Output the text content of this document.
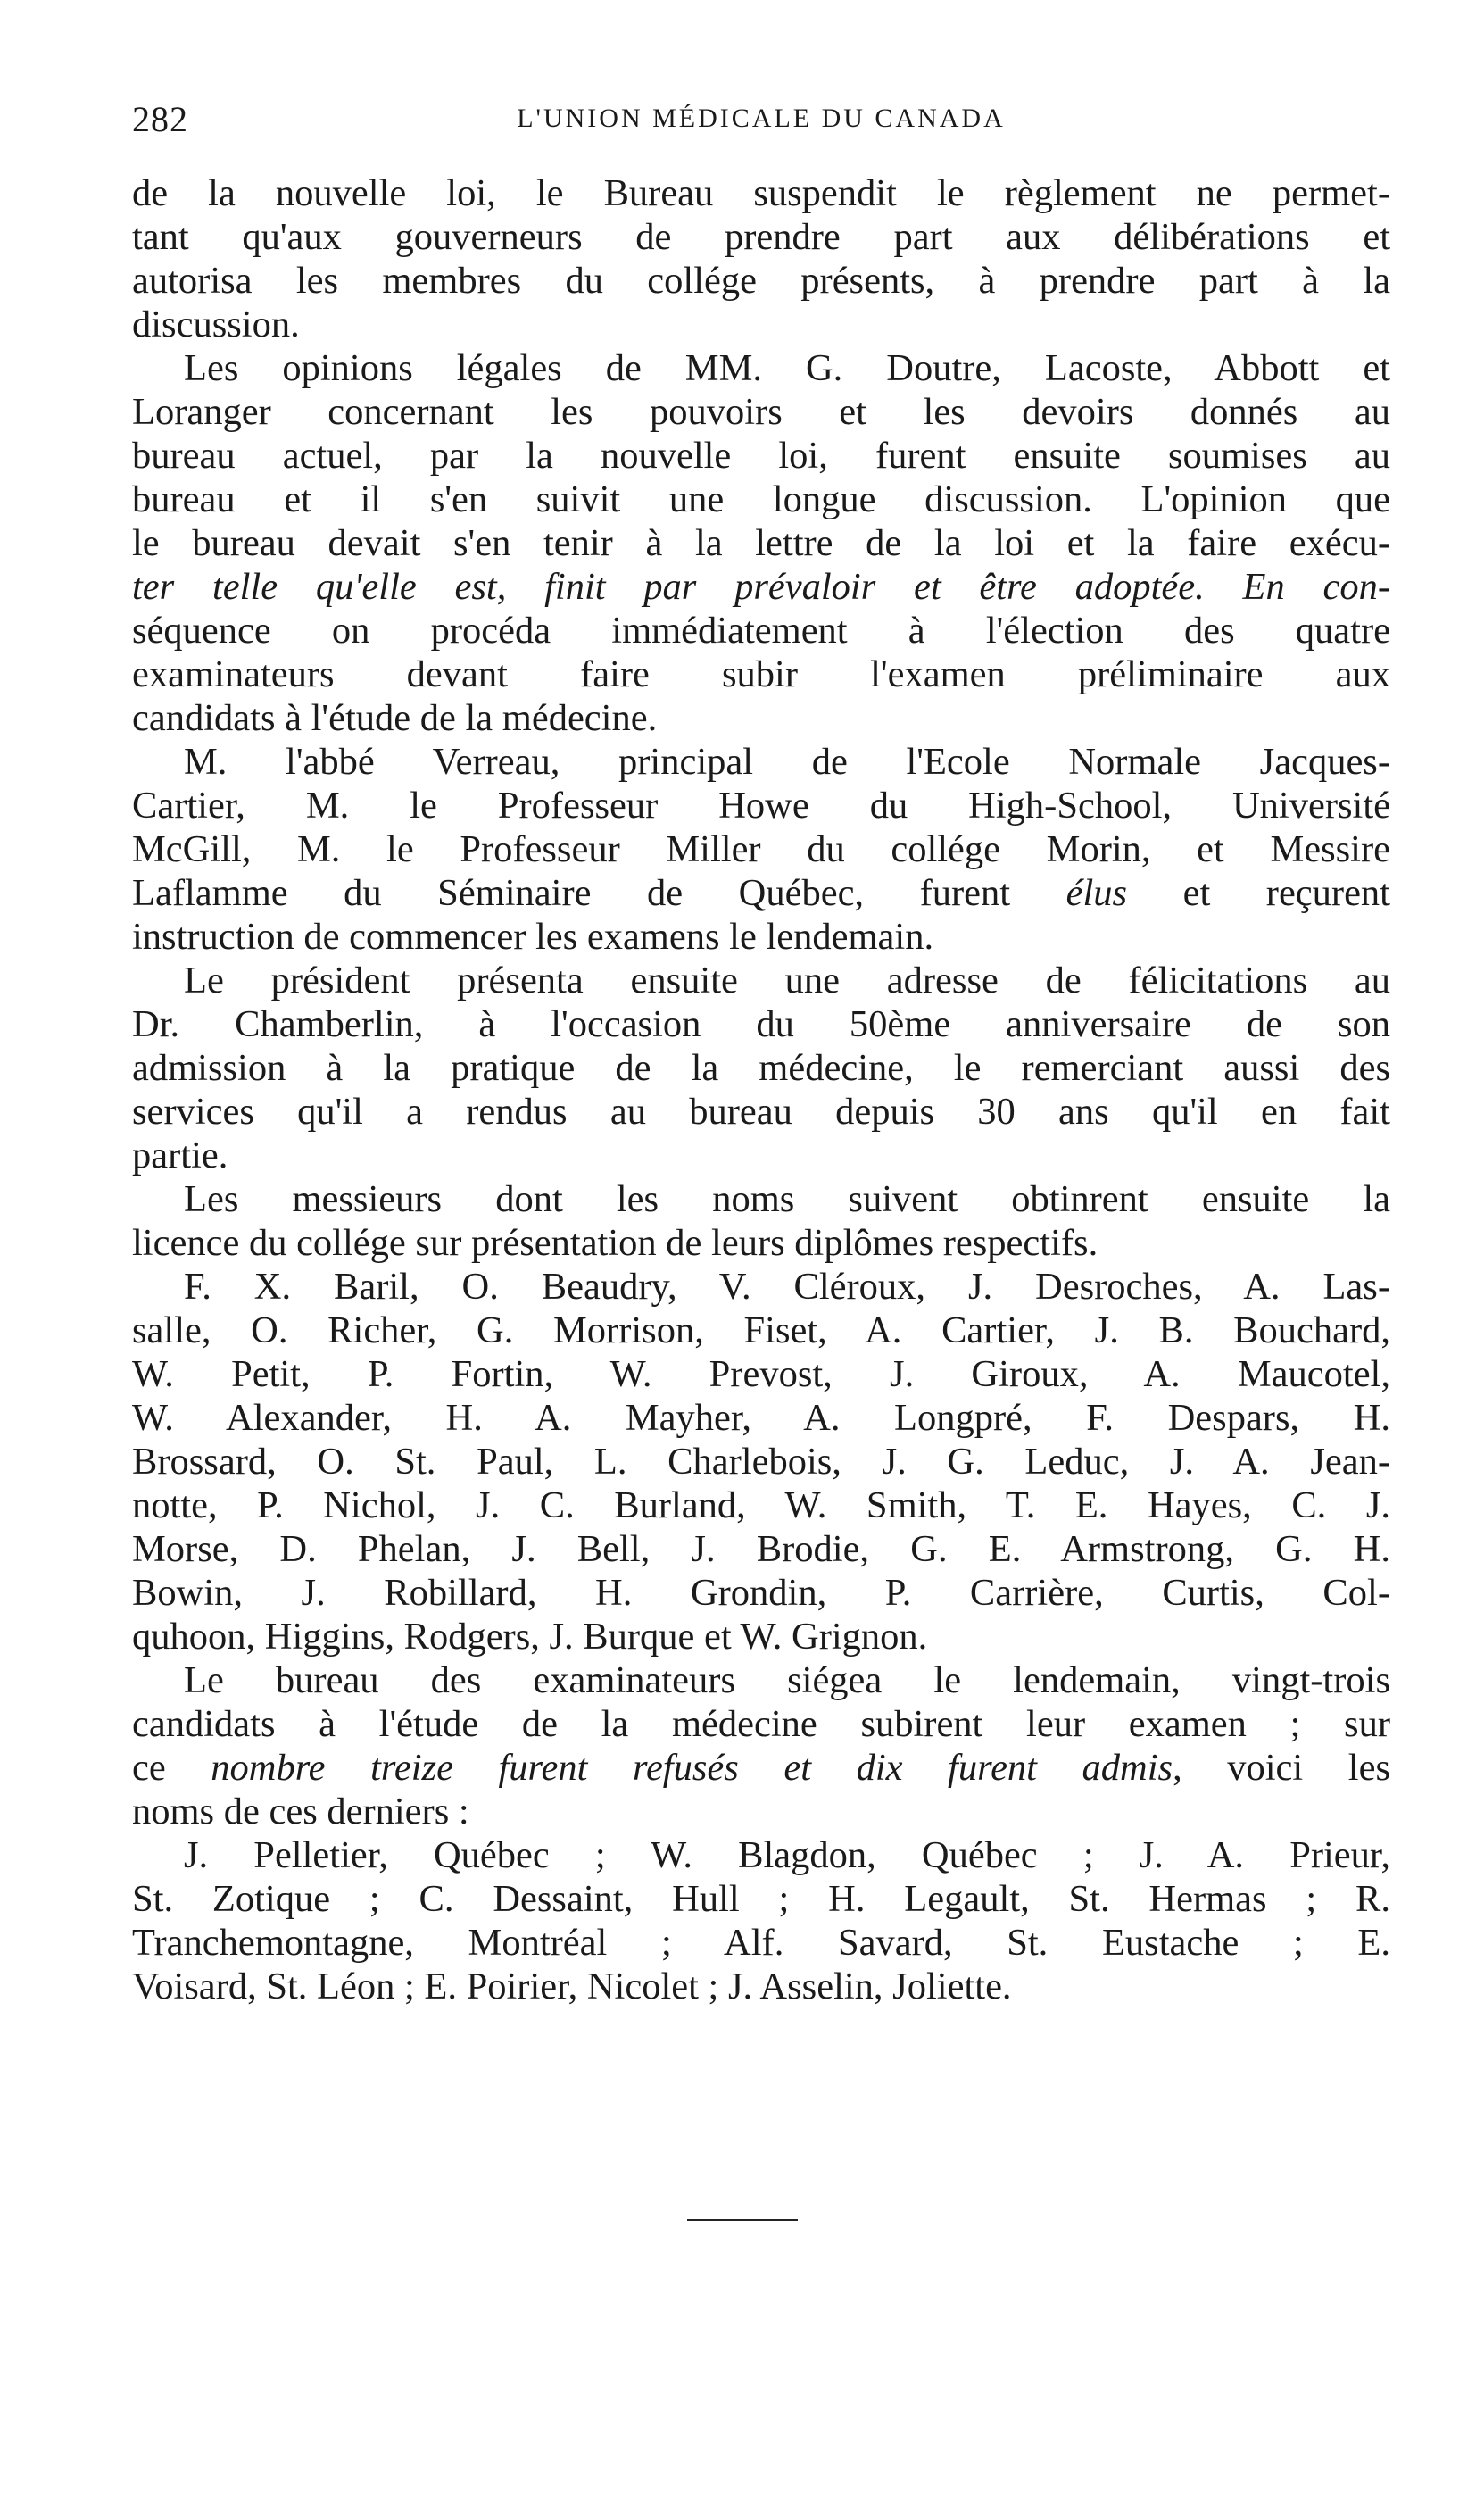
282	L'UNION MÉDICALE DU CANADA
de la nouvelle loi, le Bureau suspendit le règlement ne permet-
tant qu'aux gouverneurs de prendre part aux délibérations et
autorisa les membres du collége présents, à prendre part à la
discussion.
Les opinions légales de MM. G. Doutre, Lacoste, Abbott et
Loranger concernant les pouvoirs et les devoirs donnés au
bureau actuel, par la nouvelle loi, furent ensuite soumises au
bureau et il s'en suivit une longue discussion. L'opinion que
le bureau devait s'en tenir à la lettre de la loi et la faire exécu-
ter telle qu'elle est, finit par prévaloir et être adoptée. En con-
séquence on procéda immédiatement à l'élection des quatre
examinateurs devant faire subir l'examen préliminaire aux
candidats à l'étude de la médecine.
M. l'abbé Verreau, principal de l'Ecole Normale Jacques-
Cartier, M. le Professeur Howe du High-School, Université
McGill, M. le Professeur Miller du collége Morin, et Messire
Laflamme du Séminaire de Québec, furent élus et reçurent
instruction de commencer les examens le lendemain.
Le président présenta ensuite une adresse de félicitations au
Dr. Chamberlin, à l'occasion du 50ème anniversaire de son
admission à la pratique de la médecine, le remerciant aussi des
services qu'il a rendus au bureau depuis 30 ans qu'il en fait
partie.
Les messieurs dont les noms suivent obtinrent ensuite la
licence du collége sur présentation de leurs diplômes respectifs.
F. X. Baril, O. Beaudry, V. Cléroux, J. Desroches, A. Las-
salle, O. Richer, G. Morrison, Fiset, A. Cartier, J. B. Bouchard,
W. Petit, P. Fortin, W. Prevost, J. Giroux, A. Maucotel,
W. Alexander, H. A. Mayher, A. Longpré, F. Despars, H.
Brossard, O. St. Paul, L. Charlebois, J. G. Leduc, J. A. Jean-
notte, P. Nichol, J. C. Burland, W. Smith, T. E. Hayes, C. J.
Morse, D. Phelan, J. Bell, J. Brodie, G. E. Armstrong, G. H.
Bowin, J. Robillard, H. Grondin, P. Carrière, Curtis, Col-
quhoon, Higgins, Rodgers, J. Burque et W. Grignon.
Le bureau des examinateurs siégea le lendemain, vingt-trois
candidats à l'étude de la médecine subirent leur examen ; sur
ce nombre treize furent refusés et dix furent admis, voici les
noms de ces derniers :
J. Pelletier, Québec ; W. Blagdon, Québec ; J. A. Prieur,
St. Zotique ; C. Dessaint, Hull ; H. Legault, St. Hermas ; R.
Tranchemontagne, Montréal ; Alf. Savard, St. Eustache ; E.
Voisard, St. Léon ; E. Poirier, Nicolet ; J. Asselin, Joliette.
